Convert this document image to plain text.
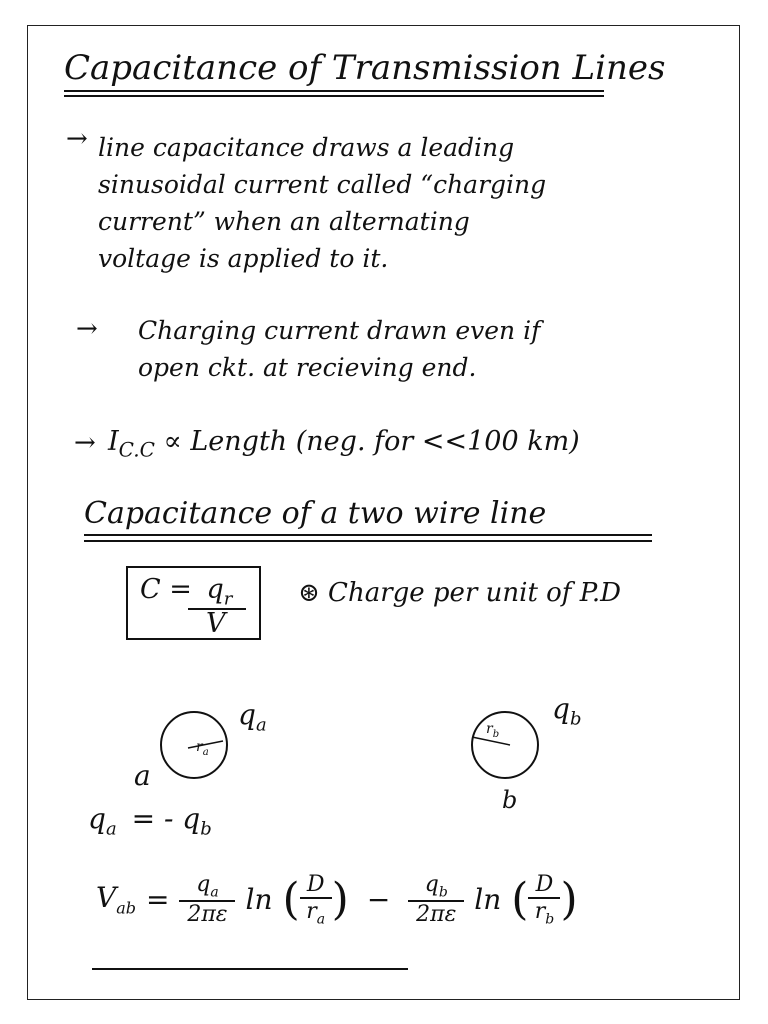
Capacitance of Transmission Lines
→ line capacitance draws a leading
sinusoidal current called “charging
current” when an alternating
voltage is applied to it.
→ Charging current drawn even if
open ckt. at recieving end.
→ $I_{C.C}$ ∝ Length (neg. for <<100 km)
Capacitance of a two wire line
$C = q_r$
V
⊛ Charge per unit of P.D
$q_a$
$r_a$
a
$q_b$
$r_b$
b
$q_a$ = - $q_b$
$V_{ab} = q_a$
2πε ln ( D
$r_a$ ) − $q_b$
2πε ln ( D
$r_b$ )
